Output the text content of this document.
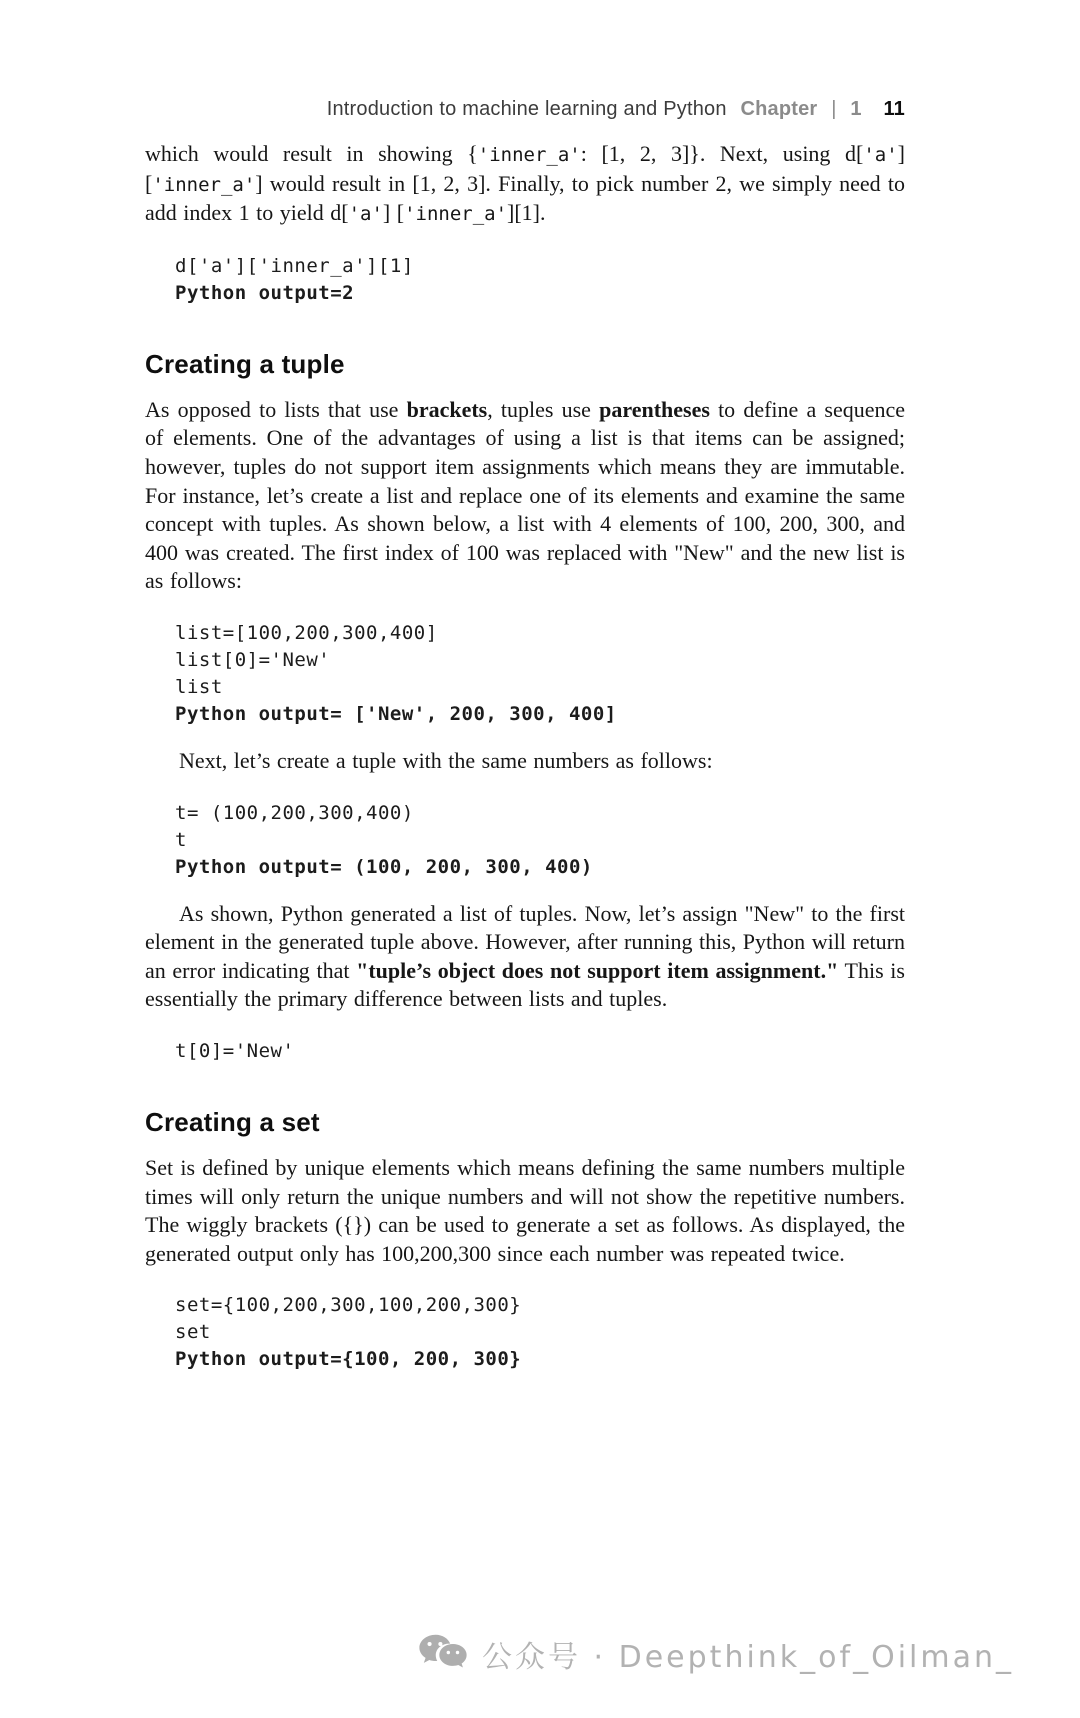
Introduction to machine learning and Python Chapter | 1 11

which would result in showing {'inner_a': [1, 2, 3]}. Next, using d['a'] ['inner_a'] would result in [1, 2, 3]. Finally, to pick number 2, we simply need to add index 1 to yield d['a'] ['inner_a'][1].

d['a']['inner_a'][1]
Python output=2
Creating a tuple

As opposed to lists that use brackets, tuples use parentheses to define a sequence of elements. One of the advantages of using a list is that items can be assigned; however, tuples do not support item assignments which means they are immutable. For instance, let’s create a list and replace one of its elements and examine the same concept with tuples. As shown below, a list with 4 elements of 100, 200, 300, and 400 was created. The first index of 100 was replaced with "New" and the new list is as follows:

list=[100,200,300,400]
list[0]='New'
list
Python output= ['New', 200, 300, 400]

Next, let’s create a tuple with the same numbers as follows:

t= (100,200,300,400)
t
Python output= (100, 200, 300, 400)

As shown, Python generated a list of tuples. Now, let’s assign "New" to the first element in the generated tuple above. However, after running this, Python will return an error indicating that "tuple’s object does not support item assignment." This is essentially the primary difference between lists and tuples.

t[0]='New'
Creating a set

Set is defined by unique elements which means defining the same numbers multiple times will only return the unique numbers and will not show the repetitive numbers. The wiggly brackets ({}) can be used to generate a set as follows. As displayed, the generated output only has 100,200,300 since each number was repeated twice.

set={100,200,300,100,200,300}
set
Python output={100, 200, 300}
公众号 · Deepthink_of_Oilman_
